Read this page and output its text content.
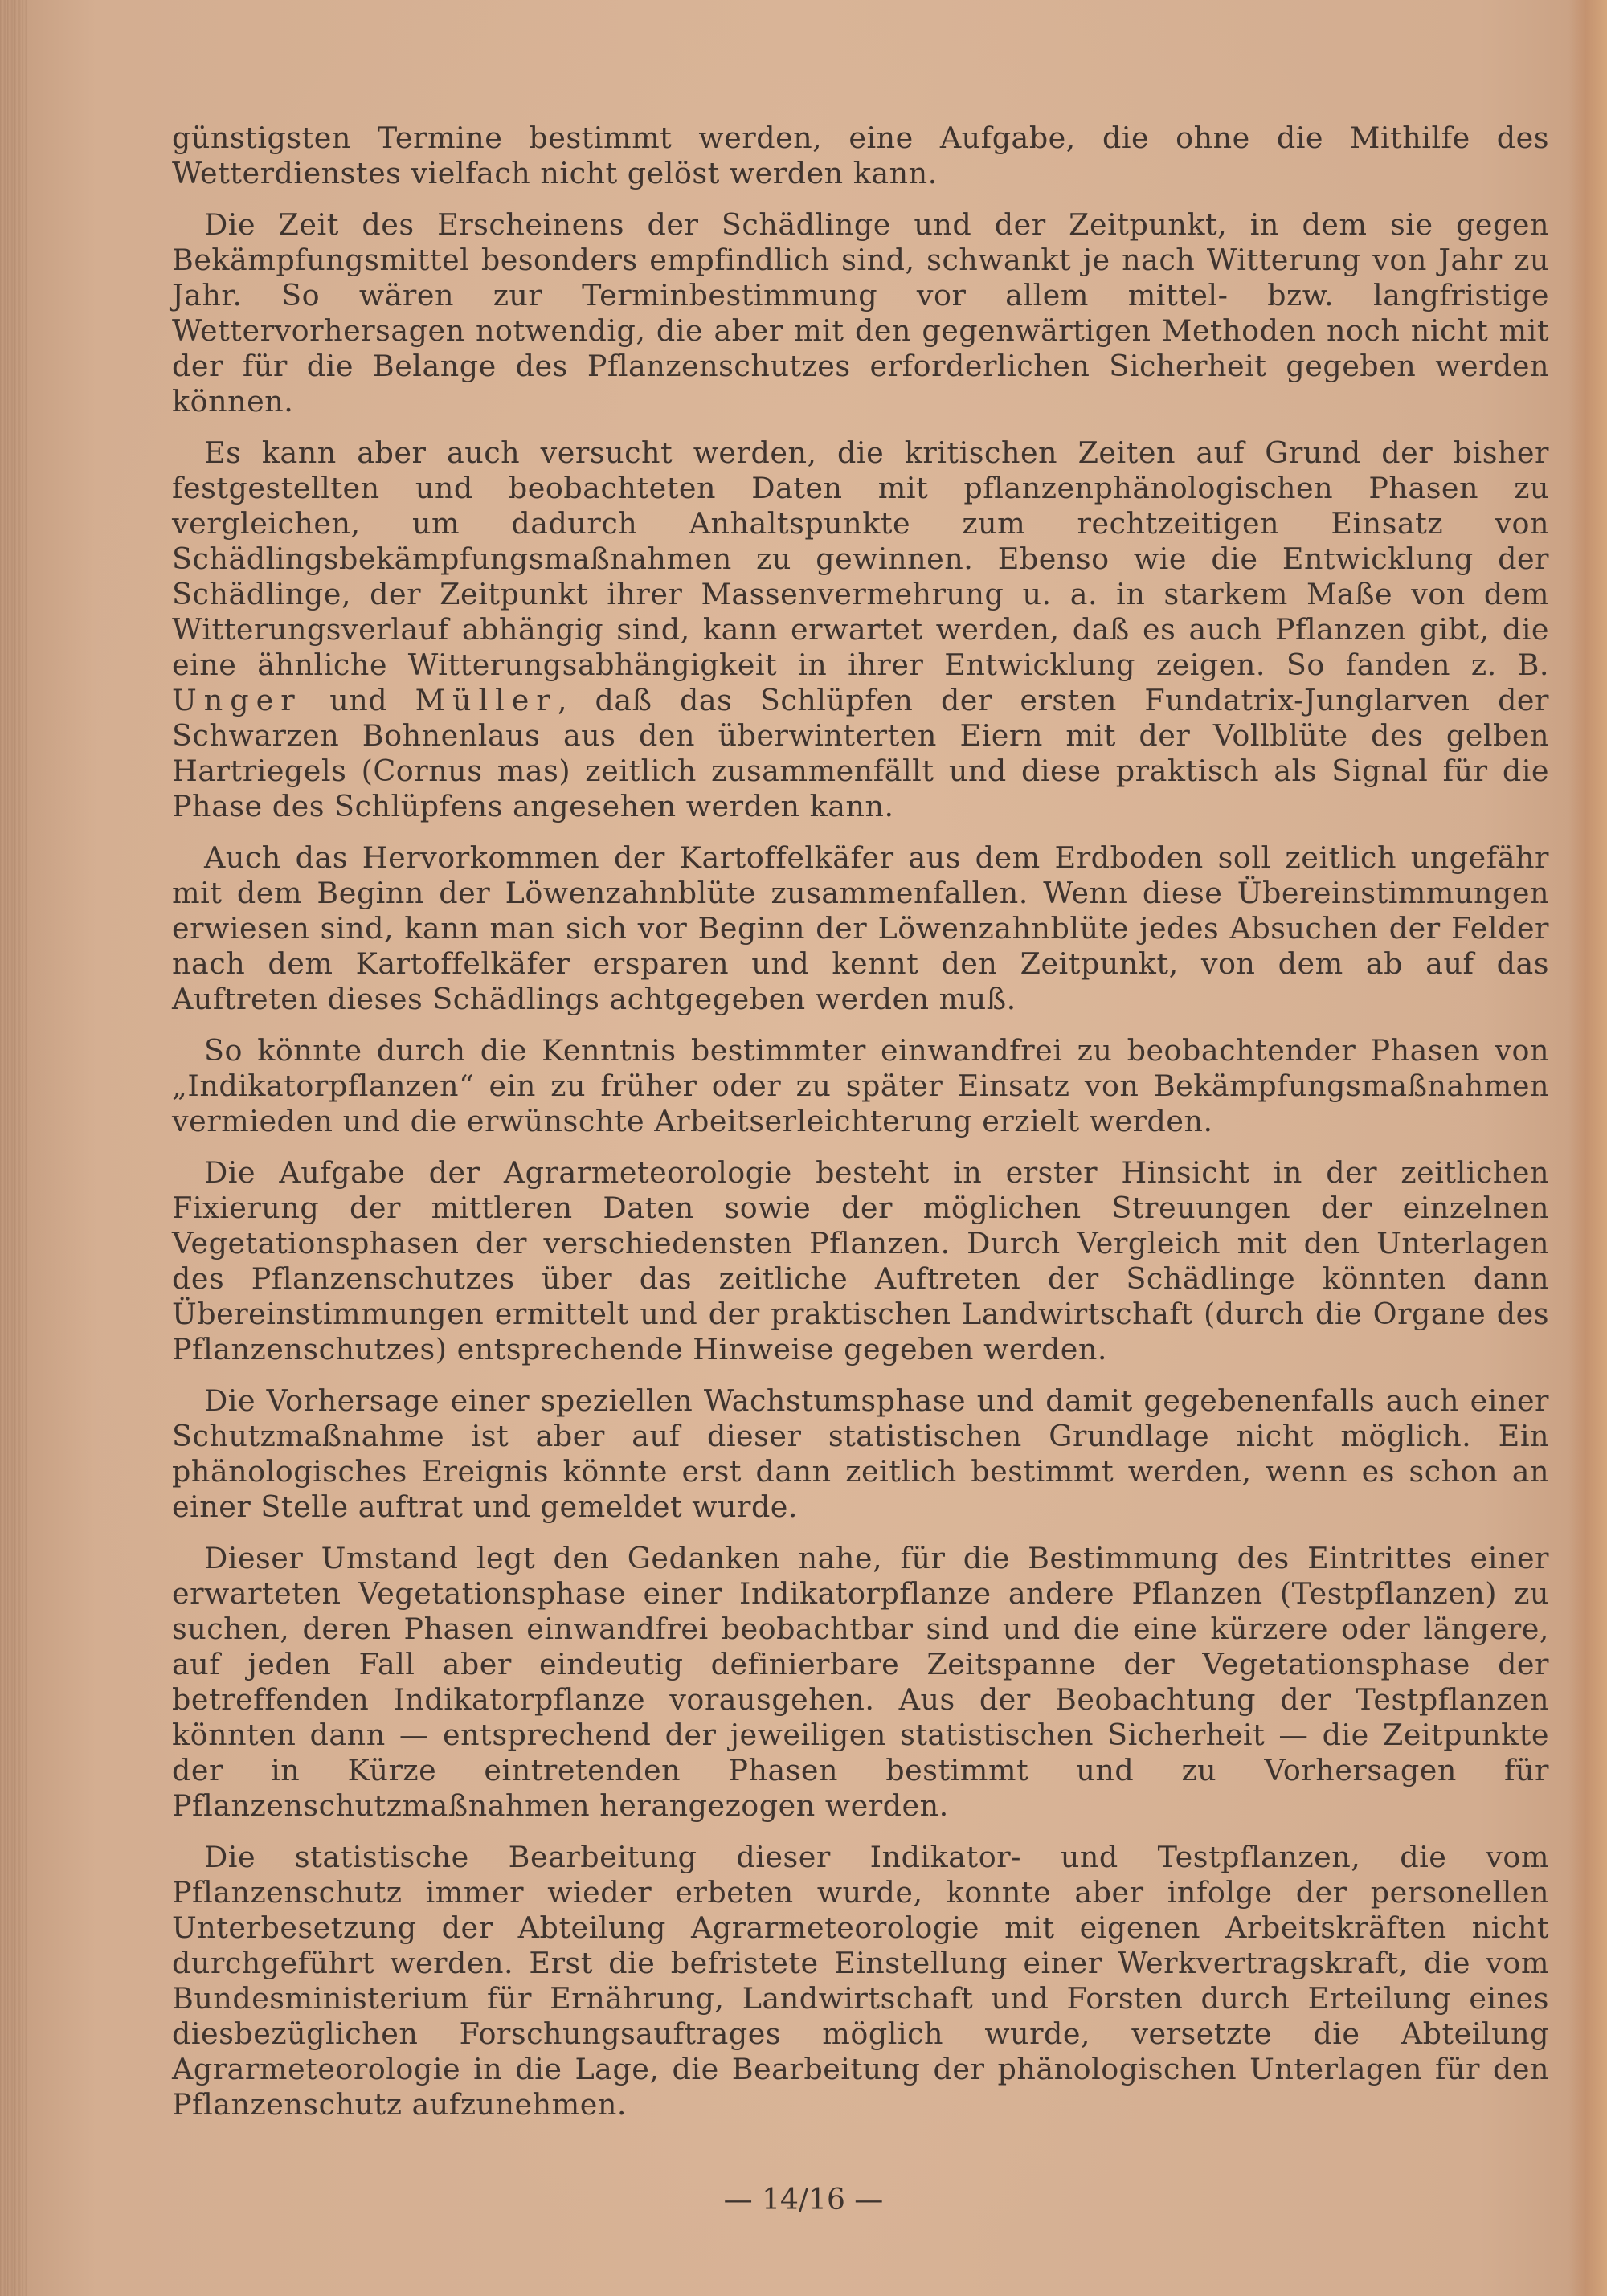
günstigsten Termine bestimmt werden, eine Aufgabe, die ohne die Mithilfe des Wetterdienstes vielfach nicht gelöst werden kann.

Die Zeit des Erscheinens der Schädlinge und der Zeitpunkt, in dem sie gegen Bekämpfungsmittel besonders empfindlich sind, schwankt je nach Witterung von Jahr zu Jahr. So wären zur Terminbestimmung vor allem mittel- bzw. langfristige Wettervorhersagen notwendig, die aber mit den gegenwärtigen Methoden noch nicht mit der für die Belange des Pflanzenschutzes erforderlichen Sicherheit gegeben werden können.

Es kann aber auch versucht werden, die kritischen Zeiten auf Grund der bisher festgestellten und beobachteten Daten mit pflanzenphänologischen Phasen zu vergleichen, um dadurch Anhaltspunkte zum rechtzeitigen Einsatz von Schädlingsbekämpfungsmaßnahmen zu gewinnen. Ebenso wie die Entwicklung der Schädlinge, der Zeitpunkt ihrer Massenvermehrung u. a. in starkem Maße von dem Witterungsverlauf abhängig sind, kann erwartet werden, daß es auch Pflanzen gibt, die eine ähnliche Witterungsabhängigkeit in ihrer Entwicklung zeigen. So fanden z. B. Unger und Müller, daß das Schlüpfen der ersten Fundatrix-Junglarven der Schwarzen Bohnenlaus aus den überwinterten Eiern mit der Vollblüte des gelben Hartriegels (Cornus mas) zeitlich zusammenfällt und diese praktisch als Signal für die Phase des Schlüpfens angesehen werden kann.

Auch das Hervorkommen der Kartoffelkäfer aus dem Erdboden soll zeitlich ungefähr mit dem Beginn der Löwenzahnblüte zusammenfallen. Wenn diese Übereinstimmungen erwiesen sind, kann man sich vor Beginn der Löwenzahnblüte jedes Absuchen der Felder nach dem Kartoffelkäfer ersparen und kennt den Zeitpunkt, von dem ab auf das Auftreten dieses Schädlings achtgegeben werden muß.

So könnte durch die Kenntnis bestimmter einwandfrei zu beobachtender Phasen von „Indikatorpflanzen“ ein zu früher oder zu später Einsatz von Bekämpfungsmaßnahmen vermieden und die erwünschte Arbeitserleichterung erzielt werden.

Die Aufgabe der Agrarmeteorologie besteht in erster Hinsicht in der zeitlichen Fixierung der mittleren Daten sowie der möglichen Streuungen der einzelnen Vegetationsphasen der verschiedensten Pflanzen. Durch Vergleich mit den Unterlagen des Pflanzenschutzes über das zeitliche Auftreten der Schädlinge könnten dann Übereinstimmungen ermittelt und der praktischen Landwirtschaft (durch die Organe des Pflanzenschutzes) entsprechende Hinweise gegeben werden.

Die Vorhersage einer speziellen Wachstumsphase und damit gegebenenfalls auch einer Schutzmaßnahme ist aber auf dieser statistischen Grundlage nicht möglich. Ein phänologisches Ereignis könnte erst dann zeitlich bestimmt werden, wenn es schon an einer Stelle auftrat und gemeldet wurde.

Dieser Umstand legt den Gedanken nahe, für die Bestimmung des Eintrittes einer erwarteten Vegetationsphase einer Indikatorpflanze andere Pflanzen (Testpflanzen) zu suchen, deren Phasen einwandfrei beobachtbar sind und die eine kürzere oder längere, auf jeden Fall aber eindeutig definierbare Zeitspanne der Vegetationsphase der betreffenden Indikatorpflanze vorausgehen. Aus der Beobachtung der Testpflanzen könnten dann — entsprechend der jeweiligen statistischen Sicherheit — die Zeitpunkte der in Kürze eintretenden Phasen bestimmt und zu Vorhersagen für Pflanzenschutzmaßnahmen herangezogen werden.

Die statistische Bearbeitung dieser Indikator- und Testpflanzen, die vom Pflanzenschutz immer wieder erbeten wurde, konnte aber infolge der personellen Unterbesetzung der Abteilung Agrarmeteorologie mit eigenen Arbeitskräften nicht durchgeführt werden. Erst die befristete Einstellung einer Werkvertragskraft, die vom Bundesministerium für Ernährung, Landwirtschaft und Forsten durch Erteilung eines diesbezüglichen Forschungsauftrages möglich wurde, versetzte die Abteilung Agrarmeteorologie in die Lage, die Bearbeitung der phänologischen Unterlagen für den Pflanzenschutz aufzunehmen.

— 14/16 —
